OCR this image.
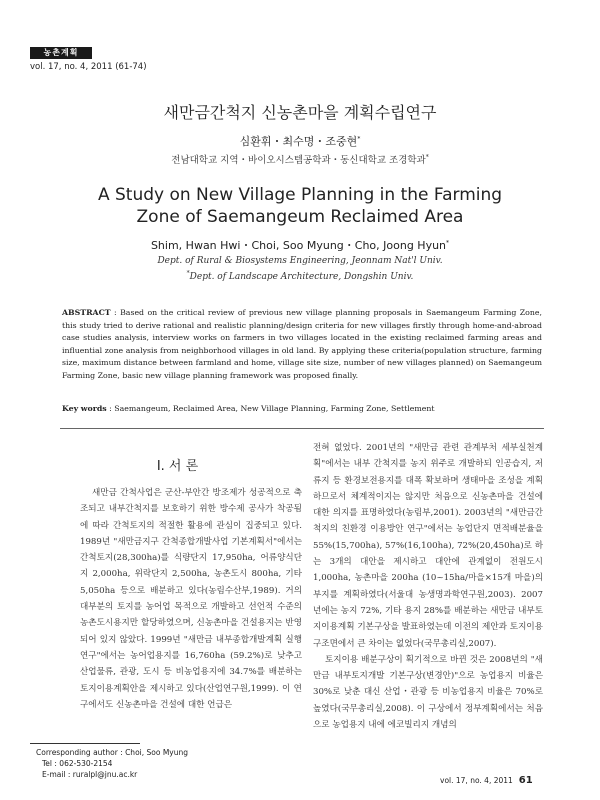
농촌계획
vol. 17, no. 4, 2011 (61-74)
새만금간척지 신농촌마을 계획수립연구
심환휘・최수명・조중현*
전남대학교 지역・바이오시스템공학과・동신대학교 조경학과*
A Study on New Village Planning in the Farming
Zone of Saemangeum Reclaimed Area
Shim, Hwan Hwi・Choi, Soo Myung・Cho, Joong Hyun*
Dept. of Rural & Biosystems Engineering, Jeonnam Nat'l Univ.
*Dept. of Landscape Architecture, Dongshin Univ.
ABSTRACT : Based on the critical review of previous new village planning proposals in Saemangeum Farming Zone, this study tried to derive rational and realistic planning/design criteria for new villages firstly through home-and-abroad case studies analysis, interview works on farmers in two villages located in the existing reclaimed farming areas and influential zone analysis from neighborhood villages in old land. By applying these criteria(population structure, farming size, maximum distance between farmland and home, village site size, number of new villages planned) on Saemangeum Farming Zone, basic new village planning framework was proposed finally.
Key words : Saemangeum, Reclaimed Area, New Village Planning, Farming Zone, Settlement
I. 서 론
새만금 간척사업은 군산-부안간 방조제가 성공적으로 축조되고 내부간척지를 보호하기 위한 방수제 공사가 착공됨에 따라 간척토지의 적절한 활용에 관심이 집중되고 있다. 1989년 "새만금지구 간척종합개발사업 기본계획서"에서는 간척토지(28,300ha)를 식량단지 17,950ha, 어류양식단지 2,000ha, 위락단지 2,500ha, 농촌도시 800ha, 기타 5,050ha 등으로 배분하고 있다(농림수산부,1989). 거의 대부분의 토지를 농어업 목적으로 개발하고 선언적 수준의 농촌도시용지만 할당하였으며, 신농촌마을 건설용지는 반영되어 있지 않았다. 1999년 "새만금 내부종합개발계획 실행연구"에서는 농어업용지를 16,760ha (59.2%)로 낮추고 산업물류, 관광, 도시 등 비농업용지에 34.7%를 배분하는 토지이용계획안을 제시하고 있다(산업연구원,1999). 이 연구에서도 신농촌마을 건설에 대한 언급은

전혀 없었다. 2001년의 "새만금 관련 관계부처 세부실천계획"에서는 내부 간척지를 농지 위주로 개발하되 인공습지, 저류지 등 환경보전용지를 대폭 확보하며 생태마을 조성을 계획하므로서 체계적이지는 않지만 처음으로 신농촌마을 건설에 대한 의지를 표명하였다(농림부,2001). 2003년의 "새만금간척지의 친환경 이용방안 연구"에서는 농업단지 면적배분율을 55%(15,700ha), 57%(16,100ha), 72%(20,450ha)로 하는 3개의 대안을 제시하고 대안에 관계없이 전원도시 1,000ha, 농촌마을 200ha (10~15ha/마을×15개 마을)의 부지를 계획하였다(서울대 농생명과학연구원,2003). 2007년에는 농지 72%, 기타 용지 28%를 배분하는 새만금 내부토지이용계획 기본구상을 발표하였는데 이전의 제안과 토지이용구조면에서 큰 차이는 없었다(국무총리실,2007).

토지이용 배분구상이 획기적으로 바뀐 것은 2008년의 "새만금 내부토지개발 기본구상(변경안)"으로 농업용지 비율은 30%로 낮춘 대신 산업・관광 등 비농업용지 비율은 70%로 높였다(국무총리실,2008). 이 구상에서 정부계획에서는 처음으로 농업용지 내에 에코빌리지 개념의

Corresponding author : Choi, Soo Myung
Tel : 062-530-2154
E-mail : ruralpl@jnu.ac.kr
vol. 17, no. 4, 2011 61
